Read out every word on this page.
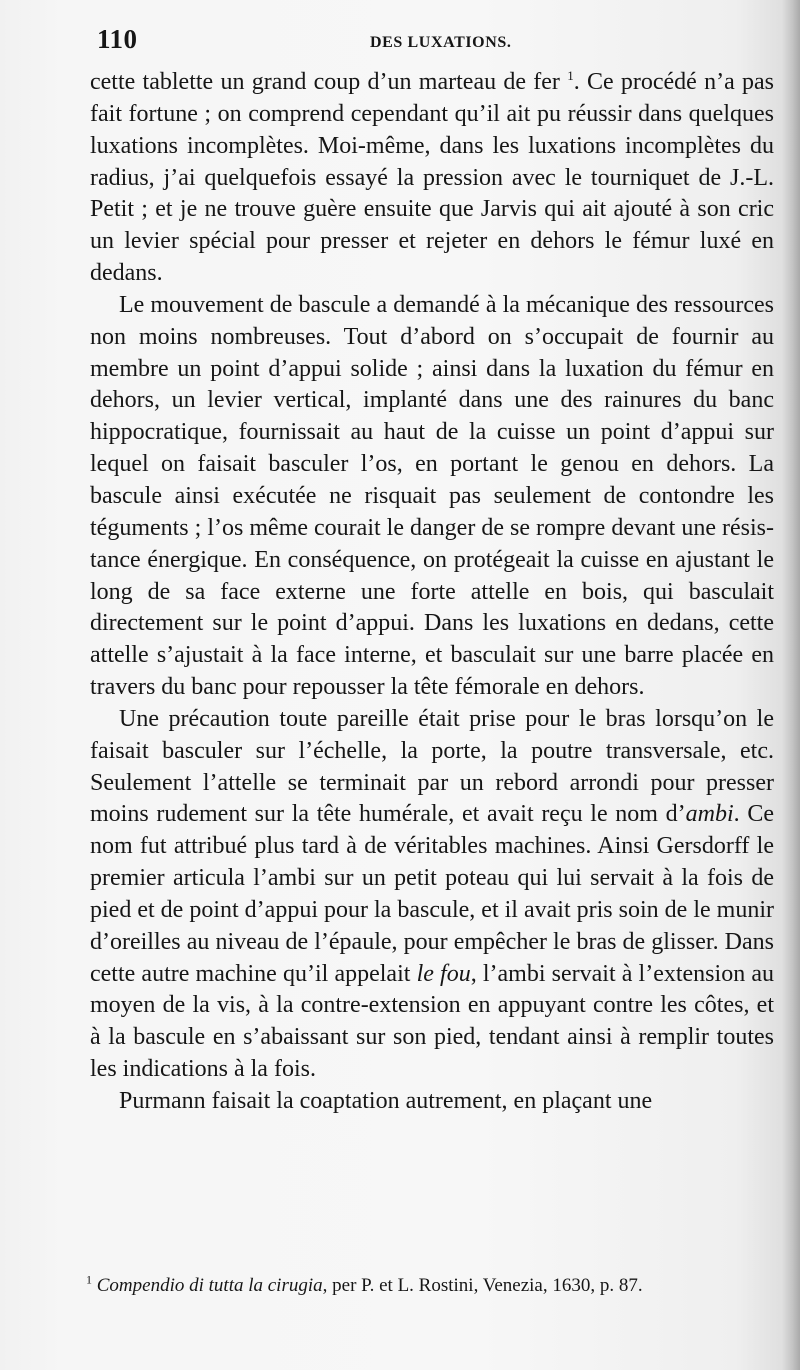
110	DES LUXATIONS.

cette tablette un grand coup d’un marteau de fer $^1$. Ce procédé n’a pas fait fortune ; on comprend cependant qu’il ait pu réussir dans quelques luxations incomplètes. Moi-même, dans les luxations incomplètes du radius, j’ai quelquefois essayé la pression avec le tourniquet de J.-L. Petit ; et je ne trouve guère ensuite que Jarvis qui ait ajouté à son cric un levier spécial pour presser et rejeter en dehors le fémur luxé en dedans.

Le mouvement de bascule a demandé à la mécanique des ressources non moins nombreuses. Tout d’abord on s’occupait de fournir au membre un point d’appui solide ; ainsi dans la luxation du fémur en dehors, un levier vertical, implanté dans une des rainures du banc hippocratique, fournissait au haut de la cuisse un point d’appui sur lequel on faisait basculer l’os, en portant le genou en dehors. La bascule ainsi exécutée ne risquait pas seulement de contondre les téguments ; l’os même courait le danger de se rompre devant une résistance énergique. En conséquence, on protégeait la cuisse en ajustant le long de sa face externe une forte attelle en bois, qui basculait directement sur le point d’appui. Dans les luxations en dedans, cette attelle s’ajustait à la face interne, et basculait sur une barre placée en travers du banc pour repousser la tête fémorale en dehors.

Une précaution toute pareille était prise pour le bras lorsqu’on le faisait basculer sur l’échelle, la porte, la poutre transversale, etc. Seulement l’attelle se terminait par un rebord arrondi pour presser moins rudement sur la tête humérale, et avait reçu le nom d’ambi. Ce nom fut attribué plus tard à de véritables machines. Ainsi Gersdorff le premier articula l’ambi sur un petit poteau qui lui servait à la fois de pied et de point d’appui pour la bascule, et il avait pris soin de le munir d’oreilles au niveau de l’épaule, pour empêcher le bras de glisser. Dans cette autre machine qu’il appelait le fou, l’ambi servait à l’extension au moyen de la vis, à la contre-extension en appuyant contre les côtes, et à la bascule en s’abaissant sur son pied, tendant ainsi à remplir toutes les indications à la fois.

Purmann faisait la coaptation autrement, en plaçant une

$^1$ Compendio di tutta la cirugia, per P. et L. Rostini, Venezia, 1630, p. 87.
